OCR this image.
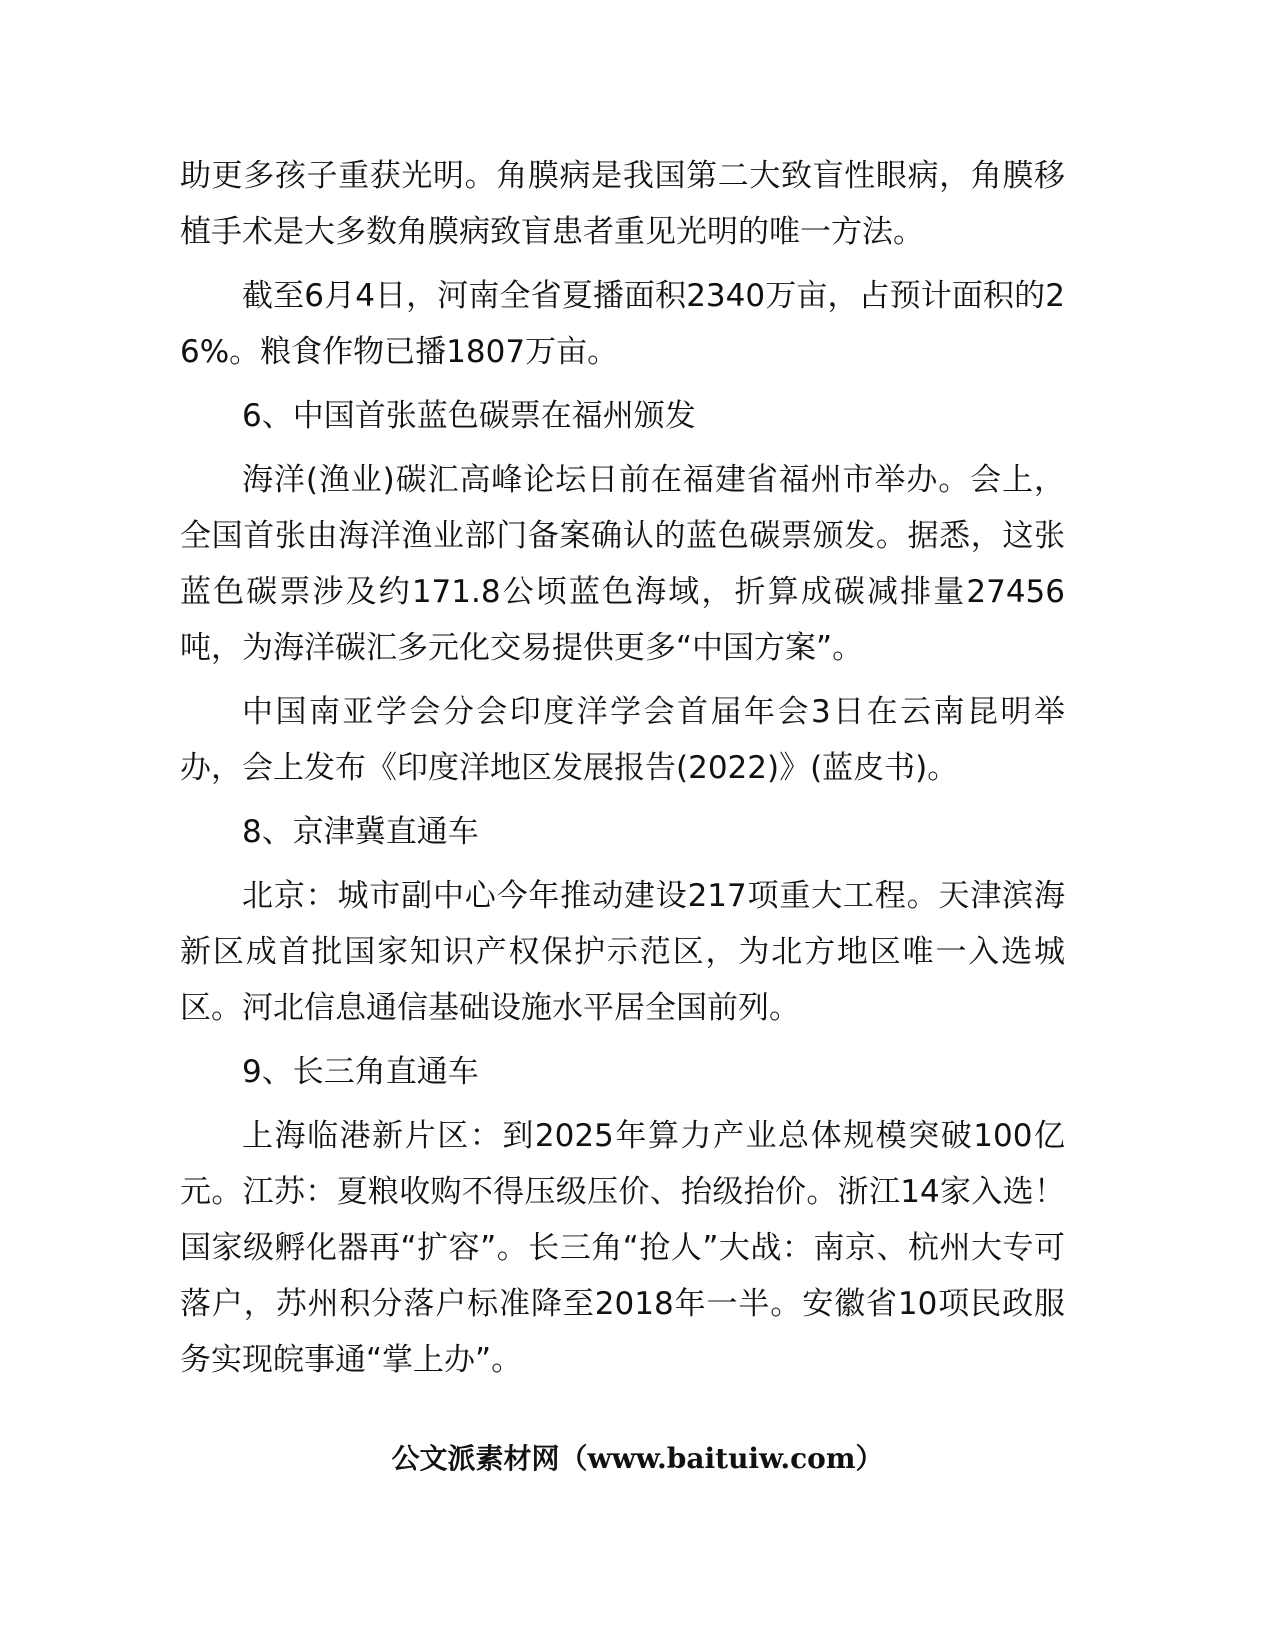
助更多孩子重获光明。角膜病是我国第二大致盲性眼病，角膜移植手术是大多数角膜病致盲患者重见光明的唯一方法。

截至6月4日，河南全省夏播面积2340万亩，占预计面积的26%。粮食作物已播1807万亩。

6、中国首张蓝色碳票在福州颁发

海洋(渔业)碳汇高峰论坛日前在福建省福州市举办。会上，全国首张由海洋渔业部门备案确认的蓝色碳票颁发。据悉，这张蓝色碳票涉及约171.8公顷蓝色海域，折算成碳减排量27456吨，为海洋碳汇多元化交易提供更多“中国方案”。

中国南亚学会分会印度洋学会首届年会3日在云南昆明举办，会上发布《印度洋地区发展报告(2022)》(蓝皮书)。

8、京津冀直通车

北京：城市副中心今年推动建设217项重大工程。天津滨海新区成首批国家知识产权保护示范区，为北方地区唯一入选城区。河北信息通信基础设施水平居全国前列。

9、长三角直通车

上海临港新片区：到2025年算力产业总体规模突破100亿元。江苏：夏粮收购不得压级压价、抬级抬价。浙江14家入选！国家级孵化器再“扩容”。长三角“抢人”大战：南京、杭州大专可落户，苏州积分落户标准降至2018年一半。安徽省10项民政服务实现皖事通“掌上办”。

公文派素材网（www.baituiw.com）
